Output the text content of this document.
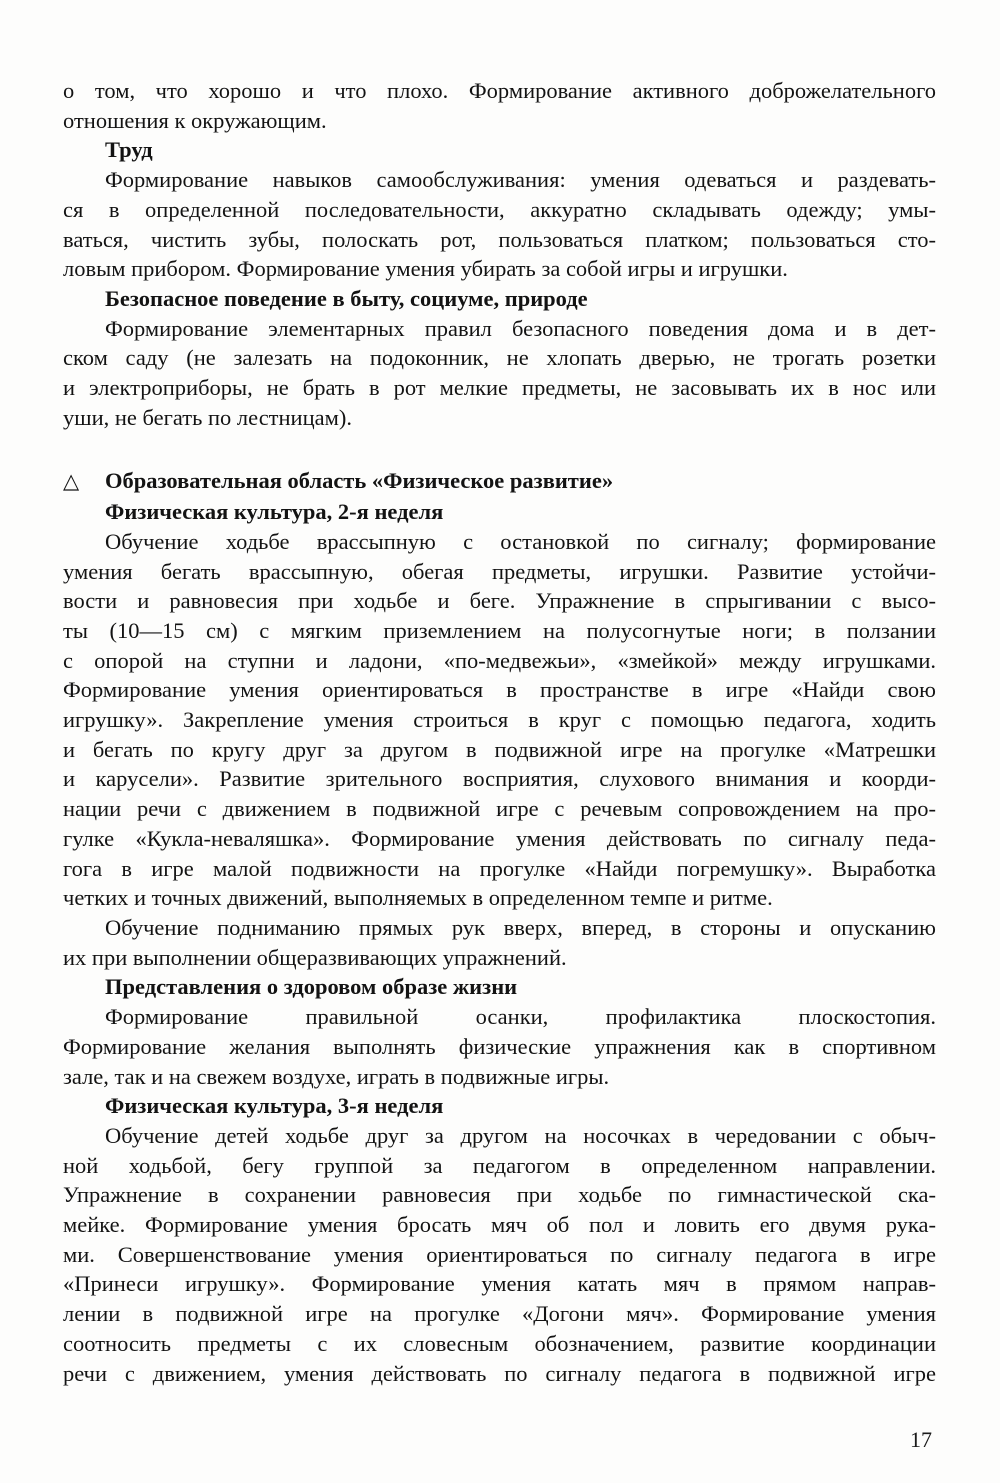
о том, что хорошо и что плохо. Формирование активного доброжелательного
отношения к окружающим.
Труд
Формирование навыков самообслуживания: умения одеваться и раздевать-
ся в определенной последовательности, аккуратно складывать одежду; умы-
ваться, чистить зубы, полоскать рот, пользоваться платком; пользоваться сто-
ловым прибором. Формирование умения убирать за собой игры и игрушки.
Безопасное поведение в быту, социуме, природе
Формирование элементарных правил безопасного поведения дома и в дет-
ском саду (не залезать на подоконник, не хлопать дверью, не трогать розетки
и электроприборы, не брать в рот мелкие предметы, не засовывать их в нос или
уши, не бегать по лестницам).
△	Образовательная область «Физическое развитие»
Физическая культура, 2-я неделя
Обучение ходьбе врассыпную с остановкой по сигналу; формирование
умения бегать врассыпную, обегая предметы, игрушки. Развитие устойчи-
вости и равновесия при ходьбе и беге. Упражнение в спрыгивании с высо-
ты (10—15 см) с мягким приземлением на полусогнутые ноги; в ползании
с опорой на ступни и ладони, «по-медвежьи», «змейкой» между игрушками.
Формирование умения ориентироваться в пространстве в игре «Найди свою
игрушку». Закрепление умения строиться в круг с помощью педагога, ходить
и бегать по кругу друг за другом в подвижной игре на прогулке «Матрешки
и карусели». Развитие зрительного восприятия, слухового внимания и коорди-
нации речи с движением в подвижной игре с речевым сопровождением на про-
гулке «Кукла-неваляшка». Формирование умения действовать по сигналу педа-
гога в игре малой подвижности на прогулке «Найди погремушку». Выработка
четких и точных движений, выполняемых в определенном темпе и ритме.
Обучение подниманию прямых рук вверх, вперед, в стороны и опусканию
их при выполнении общеразвивающих упражнений.
Представления о здоровом образе жизни
Формирование правильной осанки, профилактика плоскостопия.
Формирование желания выполнять физические упражнения как в спортивном
зале, так и на свежем воздухе, играть в подвижные игры.
Физическая культура, 3-я неделя
Обучение детей ходьбе друг за другом на носочках в чередовании с обыч-
ной ходьбой, бегу группой за педагогом в определенном направлении.
Упражнение в сохранении равновесия при ходьбе по гимнастической ска-
мейке. Формирование умения бросать мяч об пол и ловить его двумя рука-
ми. Совершенствование умения ориентироваться по сигналу педагога в игре
«Принеси игрушку». Формирование умения катать мяч в прямом направ-
лении в подвижной игре на прогулке «Догони мяч». Формирование умения
соотносить предметы с их словесным обозначением, развитие координации
речи с движением, умения действовать по сигналу педагога в подвижной игре
17
